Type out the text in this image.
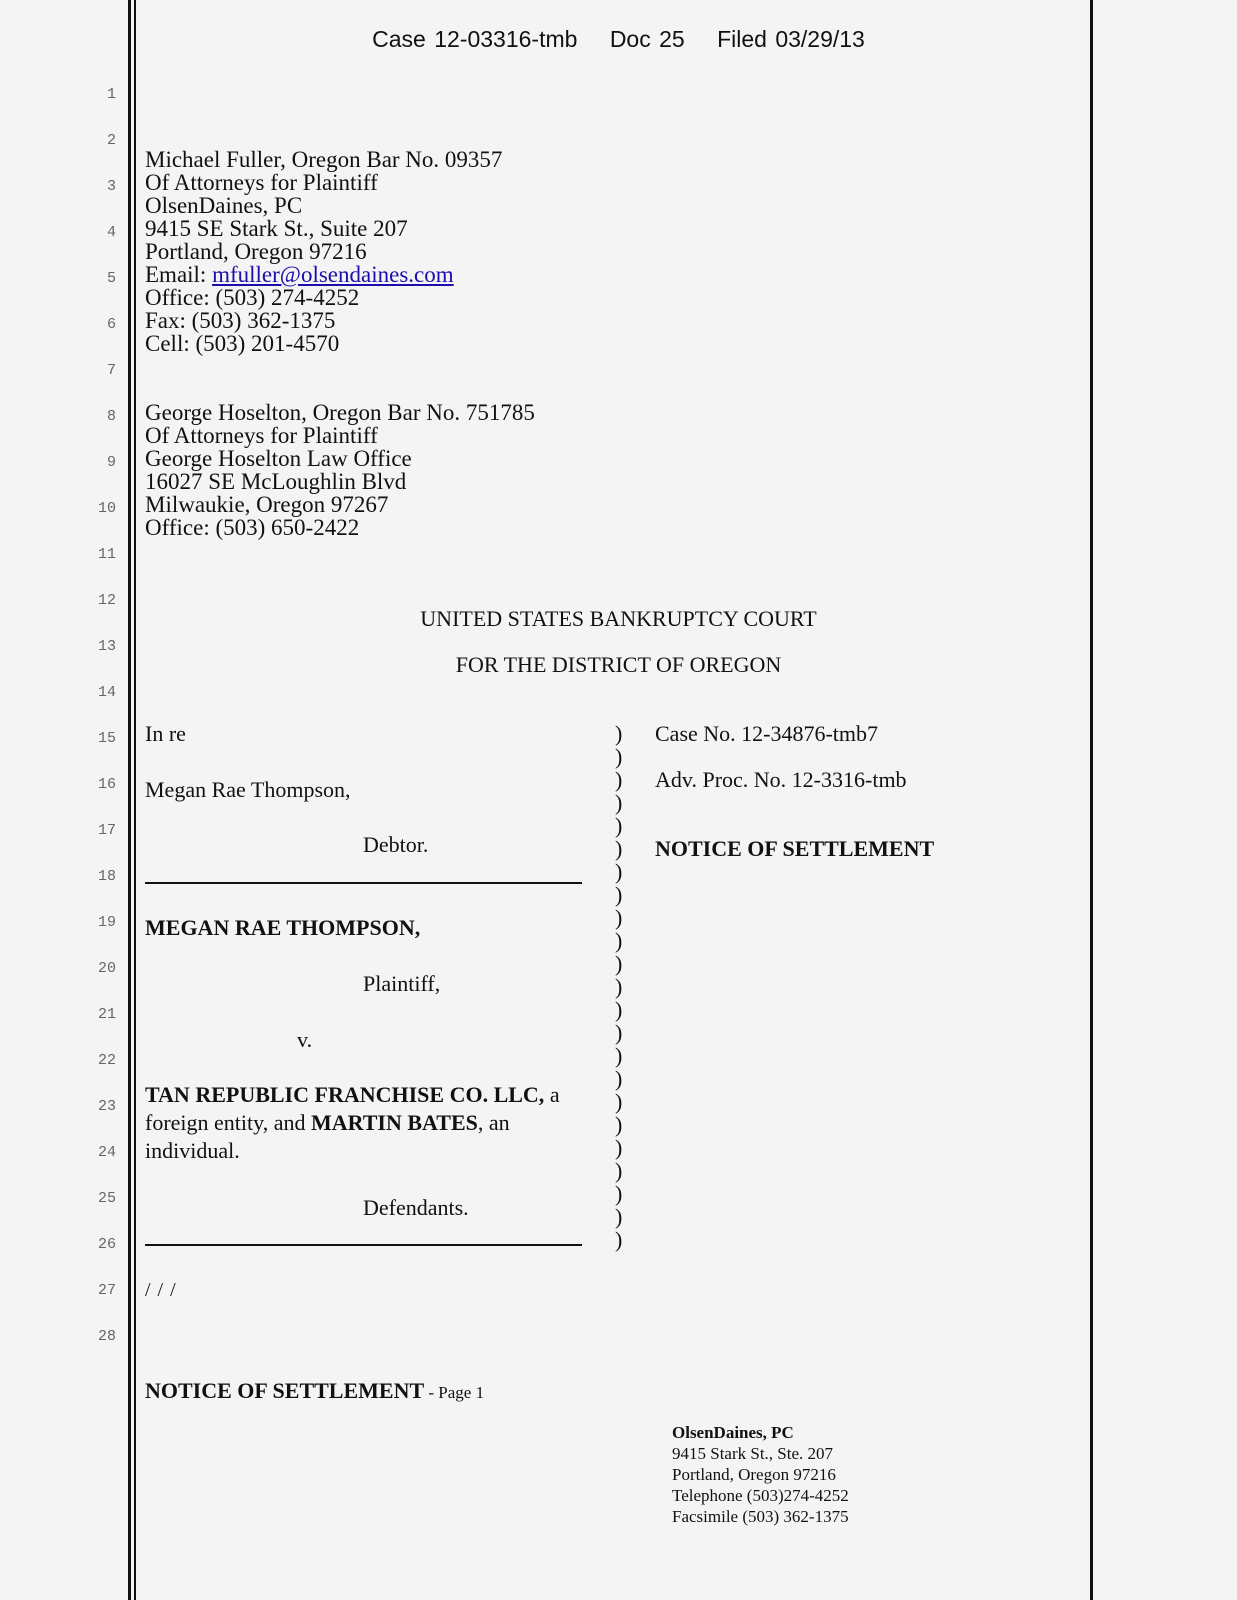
Case 12-03316-tmb Doc 25 Filed 03/29/13
1
2
3
4
5
6
7
8
9
10
11
12
13
14
15
16
17
18
19
20
21
22
23
24
25
26
27
28
Michael Fuller, Oregon Bar No. 09357
Of Attorneys for Plaintiff
OlsenDaines, PC
9415 SE Stark St., Suite 207
Portland, Oregon 97216
Email: mfuller@olsendaines.com
Office: (503) 274-4252
Fax: (503) 362-1375
Cell: (503) 201-4570
George Hoselton, Oregon Bar No. 751785
Of Attorneys for Plaintiff
George Hoselton Law Office
16027 SE McLoughlin Blvd
Milwaukie, Oregon 97267
Office: (503) 650-2422
UNITED STATES BANKRUPTCY COURT
FOR THE DISTRICT OF OREGON
In re
Megan Rae Thompson,
Debtor.
MEGAN RAE THOMPSON,
Plaintiff,
v.
TAN REPUBLIC FRANCHISE CO. LLC, a
foreign entity, and MARTIN BATES, an
individual.
Defendants.
)
)
)
)
)
)
)
)
)
)
)
)
)
)
)
)
)
)
)
)
)
)
)
Case No. 12-34876-tmb7
Adv. Proc. No. 12-3316-tmb
NOTICE OF SETTLEMENT
/ / /
NOTICE OF SETTLEMENT - Page 1
OlsenDaines, PC
9415 Stark St., Ste. 207
Portland, Oregon 97216
Telephone (503)274-4252
Facsimile (503) 362-1375
